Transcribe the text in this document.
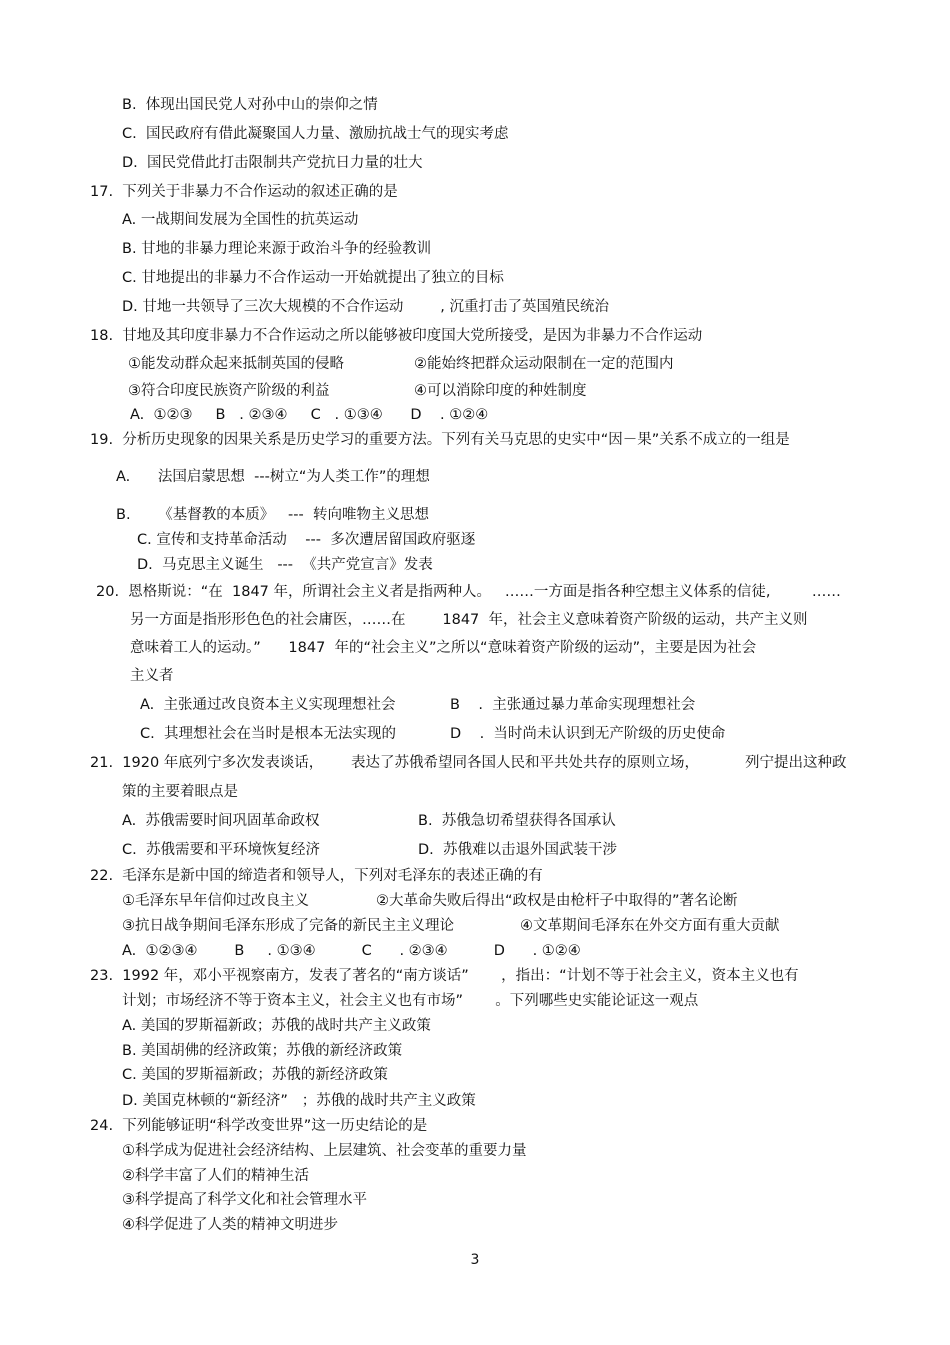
B.  体现出国民党人对孙中山的崇仰之情
C.  国民政府有借此凝聚国人力量、激励抗战士气的现实考虑
D.  国民党借此打击限制共产党抗日力量的壮大
17.  下列关于非暴力不合作运动的叙述正确的是
A. 一战期间发展为全国性的抗英运动
B. 甘地的非暴力理论来源于政治斗争的经验教训
C. 甘地提出的非暴力不合作运动一开始就提出了独立的目标
D. 甘地一共领导了三次大规模的不合作运动        , 沉重打击了英国殖民统治
18.  甘地及其印度非暴力不合作运动之所以能够被印度国大党所接受，是因为非暴力不合作运动
①能发动群众起来抵制英国的侵略	②能始终把群众运动限制在一定的范围内
③符合印度民族资产阶级的利益	④可以消除印度的种姓制度
A.  ①②③     B   . ②③④     C   . ①③④      D    . ①②④
19.  分析历史现象的因果关系是历史学习的重要方法。下列有关马克思的史实中“因－果”关系不成立的一组是
A.      法国启蒙思想  ---树立“为人类工作”的理想
B.      《基督教的本质》   ---  转向唯物主义思想
C. 宣传和支持革命活动    ---  多次遭居留国政府驱逐
D.  马克思主义诞生   ---  《共产党宣言》发表
20.  恩格斯说：“在  1847 年，所谓社会主义者是指两种人。   ……一方面是指各种空想主义体系的信徒,         ……
另一方面是指形形色色的社会庸医，……在        1847  年，社会主义意味着资产阶级的运动，共产主义则
意味着工人的运动。”      1847  年的“社会主义”之所以“意味着资产阶级的运动”，主要是因为社会
主义者
A.  主张通过改良资本主义实现理想社会	B    .  主张通过暴力革命实现理想社会
C.  其理想社会在当时是根本无法实现的	D    .  当时尚未认识到无产阶级的历史使命
21.  1920 年底列宁多次发表谈话，      表达了苏俄希望同各国人民和平共处共存的原则立场，          列宁提出这种政
策的主要着眼点是
A.  苏俄需要时间巩固革命政权	B.  苏俄急切希望获得各国承认
C.  苏俄需要和平环境恢复经济	D.  苏俄难以击退外国武装干涉
22.  毛泽东是新中国的缔造者和领导人，下列对毛泽东的表述正确的有
①毛泽东早年信仰过改良主义	②大革命失败后得出“政权是由枪杆子中取得的”著名论断
③抗日战争期间毛泽东形成了完备的新民主主义理论	④文革期间毛泽东在外交方面有重大贡献
A.  ①②③④        B     . ①③④          C      . ②③④          D      . ①②④
23.  1992 年，邓小平视察南方，发表了著名的“南方谈话”       ，指出：“计划不等于社会主义，资本主义也有
计划；市场经济不等于资本主义，社会主义也有市场”       。下列哪些史实能论证这一观点
A. 美国的罗斯福新政；苏俄的战时共产主义政策
B. 美国胡佛的经济政策；苏俄的新经济政策
C. 美国的罗斯福新政；苏俄的新经济政策
D. 美国克林顿的“新经济”   ；苏俄的战时共产主义政策
24.  下列能够证明“科学改变世界”这一历史结论的是
①科学成为促进社会经济结构、上层建筑、社会变革的重要力量
②科学丰富了人们的精神生活
③科学提高了科学文化和社会管理水平
④科学促进了人类的精神文明进步
3
